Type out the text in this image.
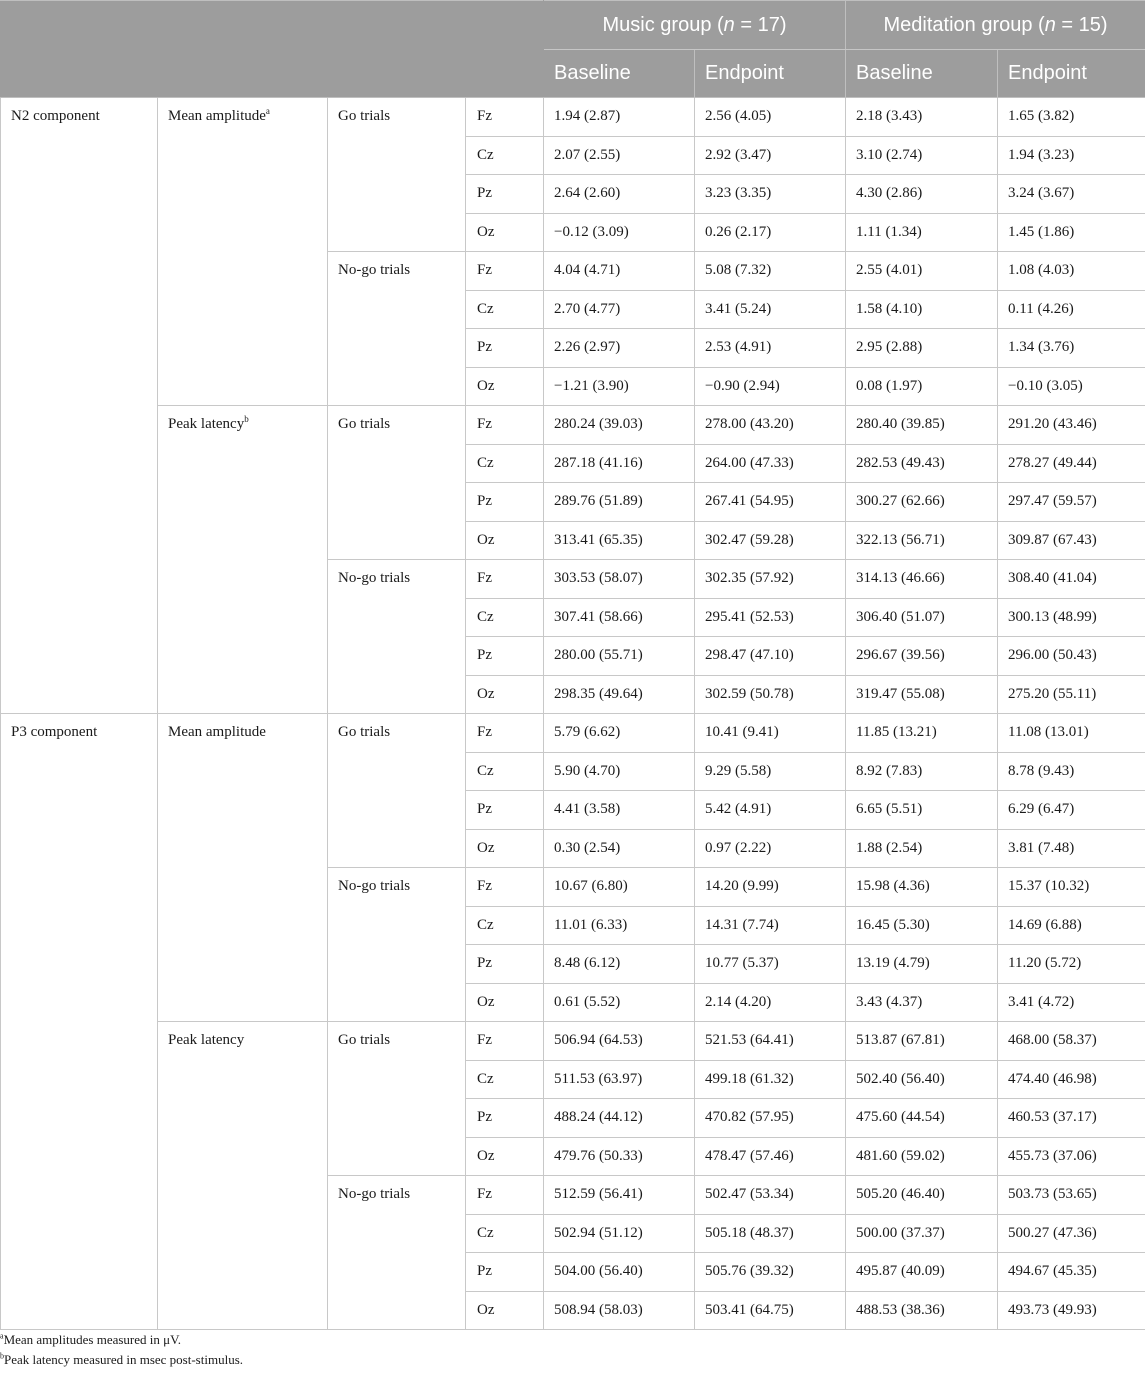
				Music group (n = 17)		Meditation group (n = 15)	
				Baseline	Endpoint	Baseline	Endpoint
N2 component	Mean amplitude$^a$	Go trials	Fz	1.94 (2.87)	2.56 (4.05)	2.18 (3.43)	1.65 (3.82)
			Cz	2.07 (2.55)	2.92 (3.47)	3.10 (2.74)	1.94 (3.23)
			Pz	2.64 (2.60)	3.23 (3.35)	4.30 (2.86)	3.24 (3.67)
			Oz	−0.12 (3.09)	0.26 (2.17)	1.11 (1.34)	1.45 (1.86)
		No-go trials	Fz	4.04 (4.71)	5.08 (7.32)	2.55 (4.01)	1.08 (4.03)
			Cz	2.70 (4.77)	3.41 (5.24)	1.58 (4.10)	0.11 (4.26)
			Pz	2.26 (2.97)	2.53 (4.91)	2.95 (2.88)	1.34 (3.76)
			Oz	−1.21 (3.90)	−0.90 (2.94)	0.08 (1.97)	−0.10 (3.05)
	Peak latency$^b$	Go trials	Fz	280.24 (39.03)	278.00 (43.20)	280.40 (39.85)	291.20 (43.46)
			Cz	287.18 (41.16)	264.00 (47.33)	282.53 (49.43)	278.27 (49.44)
			Pz	289.76 (51.89)	267.41 (54.95)	300.27 (62.66)	297.47 (59.57)
			Oz	313.41 (65.35)	302.47 (59.28)	322.13 (56.71)	309.87 (67.43)
		No-go trials	Fz	303.53 (58.07)	302.35 (57.92)	314.13 (46.66)	308.40 (41.04)
			Cz	307.41 (58.66)	295.41 (52.53)	306.40 (51.07)	300.13 (48.99)
			Pz	280.00 (55.71)	298.47 (47.10)	296.67 (39.56)	296.00 (50.43)
			Oz	298.35 (49.64)	302.59 (50.78)	319.47 (55.08)	275.20 (55.11)
P3 component	Mean amplitude	Go trials	Fz	5.79 (6.62)	10.41 (9.41)	11.85 (13.21)	11.08 (13.01)
			Cz	5.90 (4.70)	9.29 (5.58)	8.92 (7.83)	8.78 (9.43)
			Pz	4.41 (3.58)	5.42 (4.91)	6.65 (5.51)	6.29 (6.47)
			Oz	0.30 (2.54)	0.97 (2.22)	1.88 (2.54)	3.81 (7.48)
		No-go trials	Fz	10.67 (6.80)	14.20 (9.99)	15.98 (4.36)	15.37 (10.32)
			Cz	11.01 (6.33)	14.31 (7.74)	16.45 (5.30)	14.69 (6.88)
			Pz	8.48 (6.12)	10.77 (5.37)	13.19 (4.79)	11.20 (5.72)
			Oz	0.61 (5.52)	2.14 (4.20)	3.43 (4.37)	3.41 (4.72)
	Peak latency	Go trials	Fz	506.94 (64.53)	521.53 (64.41)	513.87 (67.81)	468.00 (58.37)
			Cz	511.53 (63.97)	499.18 (61.32)	502.40 (56.40)	474.40 (46.98)
			Pz	488.24 (44.12)	470.82 (57.95)	475.60 (44.54)	460.53 (37.17)
			Oz	479.76 (50.33)	478.47 (57.46)	481.60 (59.02)	455.73 (37.06)
		No-go trials	Fz	512.59 (56.41)	502.47 (53.34)	505.20 (46.40)	503.73 (53.65)
			Cz	502.94 (51.12)	505.18 (48.37)	500.00 (37.37)	500.27 (47.36)
			Pz	504.00 (56.40)	505.76 (39.32)	495.87 (40.09)	494.67 (45.35)
			Oz	508.94 (58.03)	503.41 (64.75)	488.53 (38.36)	493.73 (49.93)
$^a$Mean amplitudes measured in μV.
$^b$Peak latency measured in msec post-stimulus.
